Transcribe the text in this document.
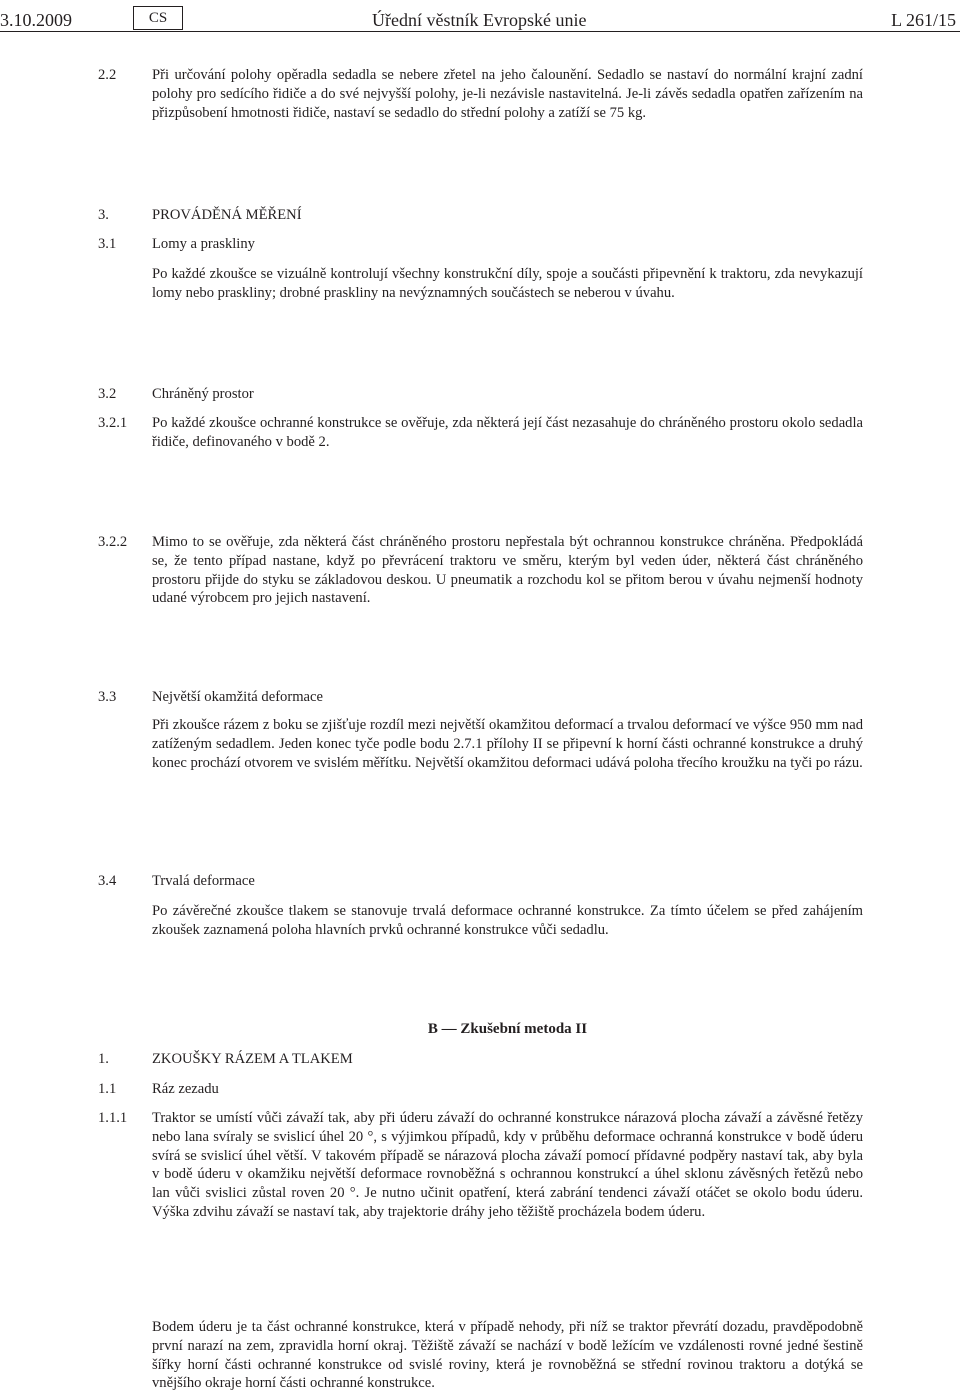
3.10.2009	CS	Úřední věstník Evropské unie	L 261/15
2.2 Při určování polohy opěradla sedadla se nebere zřetel na jeho čalounění. Sedadlo se nastaví do normální krajní zadní polohy pro sedícího řidiče a do své nejvyšší polohy, je-li nezávisle nastavitelná. Je-li závěs sedadla opatřen zařízením na přizpůsobení hmotnosti řidiče, nastaví se sedadlo do střední polohy a zatíží se 75 kg.
3.	PROVÁDĚNÁ MĚŘENÍ
3.1 Lomy a praskliny
Po každé zkoušce se vizuálně kontrolují všechny konstrukční díly, spoje a součásti připevnění k traktoru, zda nevykazují lomy nebo praskliny; drobné praskliny na nevýznamných součástech se neberou v úvahu.
3.2 Chráněný prostor
3.2.1 Po každé zkoušce ochranné konstrukce se ověřuje, zda některá její část nezasahuje do chráněného prostoru okolo sedadla řidiče, definovaného v bodě 2.
3.2.2 Mimo to se ověřuje, zda některá část chráněného prostoru nepřestala být ochrannou konstrukce chráněna. Předpokládá se, že tento případ nastane, když po převrácení traktoru ve směru, kterým byl veden úder, některá část chráněného prostoru přijde do styku se základovou deskou. U pneumatik a rozchodu kol se přitom berou v úvahu nejmenší hodnoty udané výrobcem pro jejich nastavení.
3.3 Největší okamžitá deformace
Při zkoušce rázem z boku se zjišťuje rozdíl mezi největší okamžitou deformací a trvalou deformací ve výšce 950 mm nad zatíženým sedadlem. Jeden konec tyče podle bodu 2.7.1 přílohy II se připevní k horní části ochranné konstrukce a druhý konec prochází otvorem ve svislém měřítku. Největší okamžitou deformaci udává poloha třecího kroužku na tyči po rázu.
3.4 Trvalá deformace
Po závěrečné zkoušce tlakem se stanovuje trvalá deformace ochranné konstrukce. Za tímto účelem se před zahájením zkoušek zaznamená poloha hlavních prvků ochranné konstrukce vůči sedadlu.
B — Zkušební metoda II
1.	ZKOUŠKY RÁZEM A TLAKEM
1.1 Ráz zezadu
1.1.1 Traktor se umístí vůči závaží tak, aby při úderu závaží do ochranné konstrukce nárazová plocha závaží a závěsné řetězy nebo lana svíraly se svislicí úhel 20 °, s výjimkou případů, kdy v průběhu deformace ochranná konstrukce v bodě úderu svírá se svislicí úhel větší. V takovém případě se nárazová plocha závaží pomocí přídavné podpěry nastaví tak, aby byla v bodě úderu v okamžiku největší deformace rovnoběžná s ochrannou konstrukcí a úhel sklonu závěsných řetězů nebo lan vůči svislici zůstal roven 20 °. Je nutno učinit opatření, která zabrání tendenci závaží otáčet se okolo bodu úderu. Výška zdvihu závaží se nastaví tak, aby trajektorie dráhy jeho těžiště procházela bodem úderu.
Bodem úderu je ta část ochranné konstrukce, která v případě nehody, při níž se traktor převrátí dozadu, pravděpodobně první narazí na zem, zpravidla horní okraj. Těžiště závaží se nachází v bodě ležícím ve vzdálenosti rovné jedné šestině šířky horní části ochranné konstrukce od svislé roviny, která je rovnoběžná se střední rovinou traktoru a dotýká se vnějšího okraje horní části ochranné konstrukce.
